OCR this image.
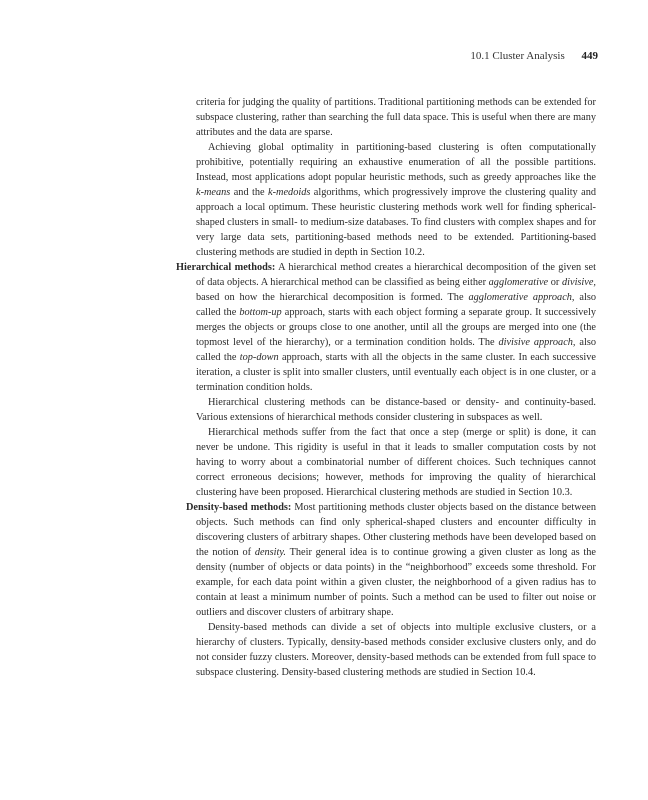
10.1 Cluster Analysis 449

criteria for judging the quality of partitions. Traditional partitioning methods can be extended for subspace clustering, rather than searching the full data space. This is useful when there are many attributes and the data are sparse.

Achieving global optimality in partitioning-based clustering is often computationally prohibitive, potentially requiring an exhaustive enumeration of all the possible partitions. Instead, most applications adopt popular heuristic methods, such as greedy approaches like the k-means and the k-medoids algorithms, which progressively improve the clustering quality and approach a local optimum. These heuristic clustering methods work well for finding spherical-shaped clusters in small- to medium-size databases. To find clusters with complex shapes and for very large data sets, partitioning-based methods need to be extended. Partitioning-based clustering methods are studied in depth in Section 10.2.

Hierarchical methods: A hierarchical method creates a hierarchical decomposition of the given set of data objects. A hierarchical method can be classified as being either agglomerative or divisive, based on how the hierarchical decomposition is formed. The agglomerative approach, also called the bottom-up approach, starts with each object forming a separate group. It successively merges the objects or groups close to one another, until all the groups are merged into one (the topmost level of the hierarchy), or a termination condition holds. The divisive approach, also called the top-down approach, starts with all the objects in the same cluster. In each successive iteration, a cluster is split into smaller clusters, until eventually each object is in one cluster, or a termination condition holds.

Hierarchical clustering methods can be distance-based or density- and continuity-based. Various extensions of hierarchical methods consider clustering in subspaces as well.

Hierarchical methods suffer from the fact that once a step (merge or split) is done, it can never be undone. This rigidity is useful in that it leads to smaller computation costs by not having to worry about a combinatorial number of different choices. Such techniques cannot correct erroneous decisions; however, methods for improving the quality of hierarchical clustering have been proposed. Hierarchical clustering methods are studied in Section 10.3.

Density-based methods: Most partitioning methods cluster objects based on the distance between objects. Such methods can find only spherical-shaped clusters and encounter difficulty in discovering clusters of arbitrary shapes. Other clustering methods have been developed based on the notion of density. Their general idea is to continue growing a given cluster as long as the density (number of objects or data points) in the “neighborhood” exceeds some threshold. For example, for each data point within a given cluster, the neighborhood of a given radius has to contain at least a minimum number of points. Such a method can be used to filter out noise or outliers and discover clusters of arbitrary shape.

Density-based methods can divide a set of objects into multiple exclusive clusters, or a hierarchy of clusters. Typically, density-based methods consider exclusive clusters only, and do not consider fuzzy clusters. Moreover, density-based methods can be extended from full space to subspace clustering. Density-based clustering methods are studied in Section 10.4.
